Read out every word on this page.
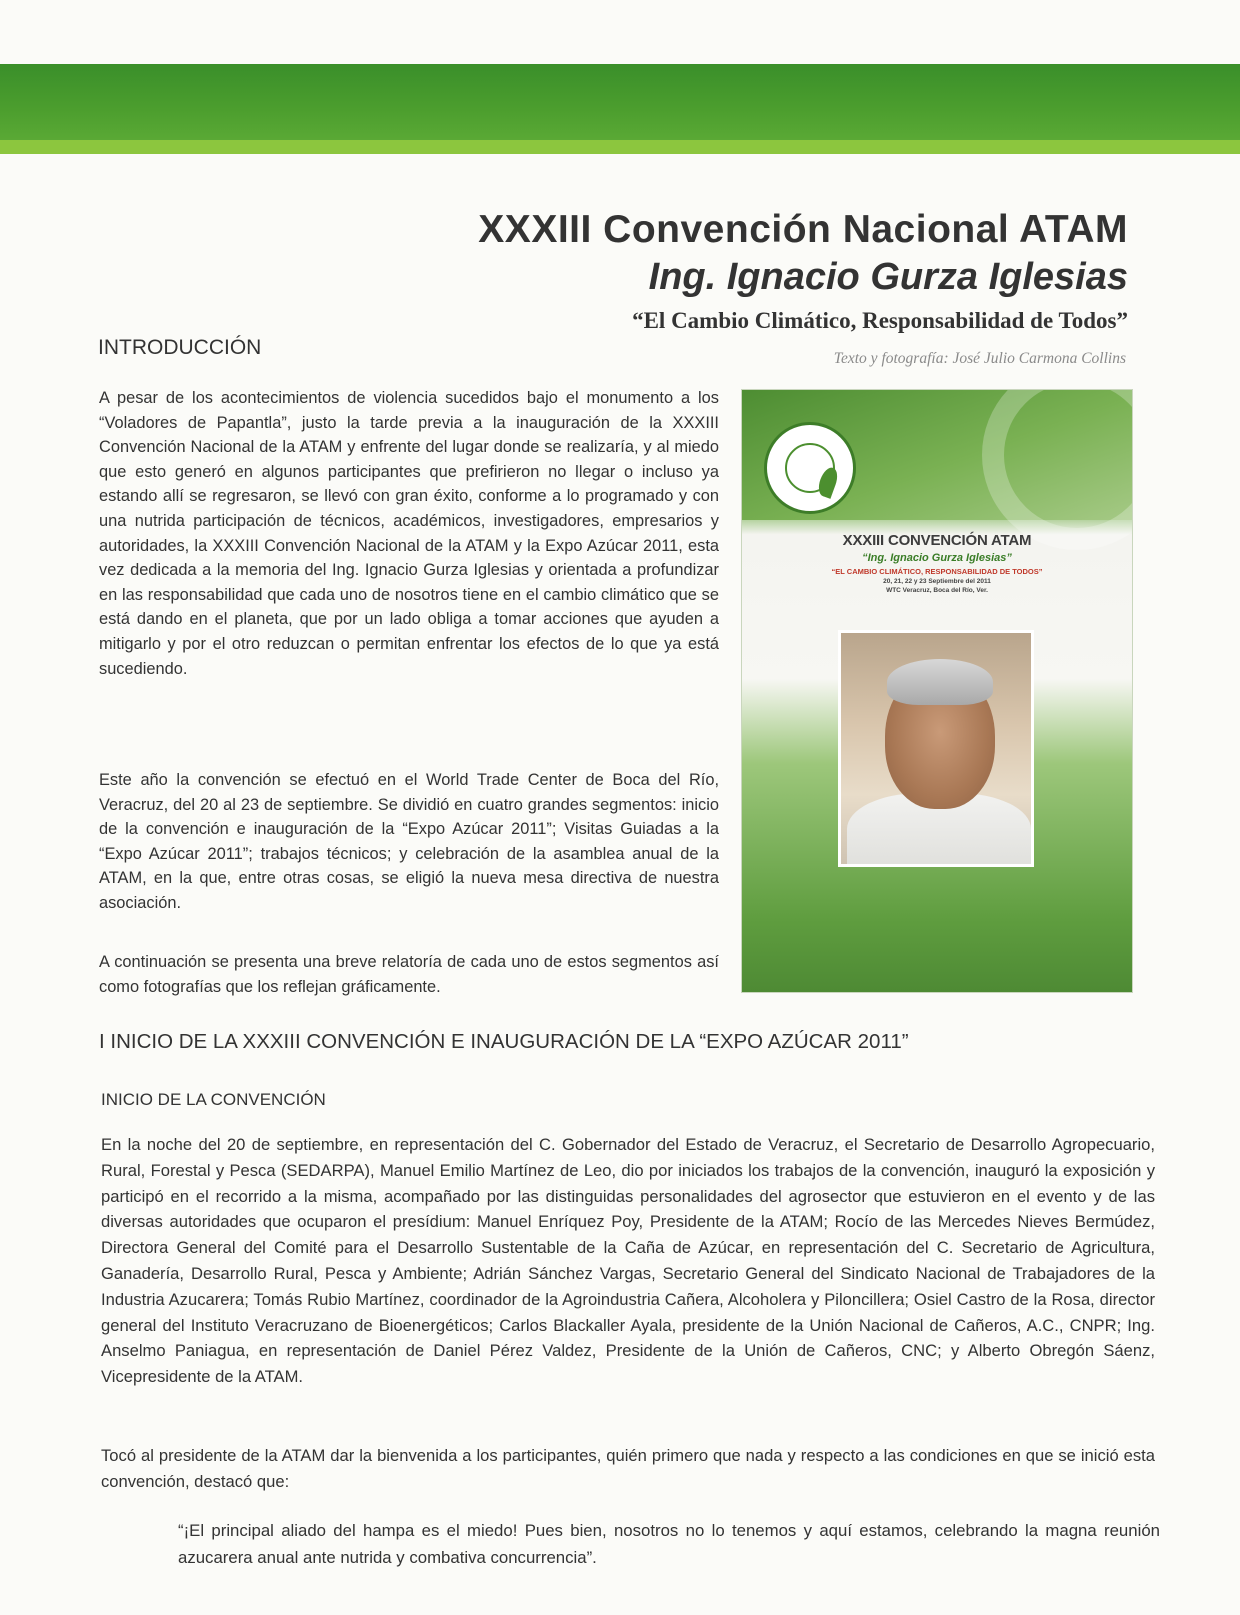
XXXIII Convención Nacional ATAM
Ing. Ignacio Gurza Iglesias
“El Cambio Climático, Responsabilidad de Todos”
Texto y fotografía: José Julio Carmona Collins
INTRODUCCIÓN
A pesar de los acontecimientos de violencia sucedidos bajo el monumento a los “Voladores de Papantla”, justo la tarde previa a la inauguración de la XXXIII Convención Nacional de la ATAM y enfrente del lugar donde se realizaría, y al miedo que esto generó en algunos participantes que prefirieron no llegar o incluso ya estando allí se regresaron, se llevó con gran éxito, conforme a lo programado y con una nutrida participación de técnicos, académicos, investigadores, empresarios y autoridades, la XXXIII Convención Nacional de la ATAM y la Expo Azúcar 2011, esta vez dedicada a la memoria del Ing. Ignacio Gurza Iglesias y orientada a profundizar en las responsabilidad que cada uno de nosotros tiene en el cambio climático que se está dando en el planeta, que por un lado obliga a tomar acciones que ayuden a mitigarlo y por el otro reduzcan o permitan enfrentar los efectos de lo que ya está sucediendo.
Este año la convención se efectuó en el World Trade Center de Boca del Río, Veracruz, del 20 al 23 de septiembre. Se dividió en cuatro grandes segmentos: inicio de la convención e inauguración de la “Expo Azúcar 2011”; Visitas Guiadas a la “Expo Azúcar 2011”; trabajos técnicos; y celebración de la asamblea anual de la ATAM, en la que, entre otras cosas, se eligió la nueva mesa directiva de nuestra asociación.
A continuación se presenta una breve relatoría de cada uno de estos segmentos así como fotografías que los reflejan gráficamente.
XXXIII CONVENCIÓN ATAM
“Ing. Ignacio Gurza Iglesias”
“EL CAMBIO CLIMÁTICO, RESPONSABILIDAD DE TODOS”
20, 21, 22 y 23 Septiembre del 2011
WTC Veracruz, Boca del Río, Ver.
I INICIO DE LA XXXIII CONVENCIÓN E INAUGURACIÓN DE LA “EXPO AZÚCAR 2011”
INICIO DE LA CONVENCIÓN
En la noche del 20 de septiembre, en representación del C. Gobernador del Estado de Veracruz, el Secretario de Desarrollo Agropecuario, Rural, Forestal y Pesca (SEDARPA), Manuel Emilio Martínez de Leo, dio por iniciados los trabajos de la convención, inauguró la exposición y participó en el recorrido a la misma, acompañado por las distinguidas personalidades del agrosector que estuvieron en el evento y de las diversas autoridades que ocuparon el presídium: Manuel Enríquez Poy, Presidente de la ATAM; Rocío de las Mercedes Nieves Bermúdez, Directora General del Comité para el Desarrollo Sustentable de la Caña de Azúcar, en representación del C. Secretario de Agricultura, Ganadería, Desarrollo Rural, Pesca y Ambiente; Adrián Sánchez Vargas, Secretario General del Sindicato Nacional de Trabajadores de la Industria Azucarera; Tomás Rubio Martínez, coordinador de la Agroindustria Cañera, Alcoholera y Piloncillera; Osiel Castro de la Rosa, director general del Instituto Veracruzano de Bioenergéticos; Carlos Blackaller Ayala, presidente de la Unión Nacional de Cañeros, A.C., CNPR; Ing. Anselmo Paniagua, en representación de Daniel Pérez Valdez, Presidente de la Unión de Cañeros, CNC; y Alberto Obregón Sáenz, Vicepresidente de la ATAM.
Tocó al presidente de la ATAM dar la bienvenida a los participantes, quién primero que nada y respecto a las condiciones en que se inició esta convención, destacó que:
“¡El principal aliado del hampa es el miedo! Pues bien, nosotros no lo tenemos y aquí estamos, celebrando la magna reunión azucarera anual ante nutrida y combativa concurrencia”.
